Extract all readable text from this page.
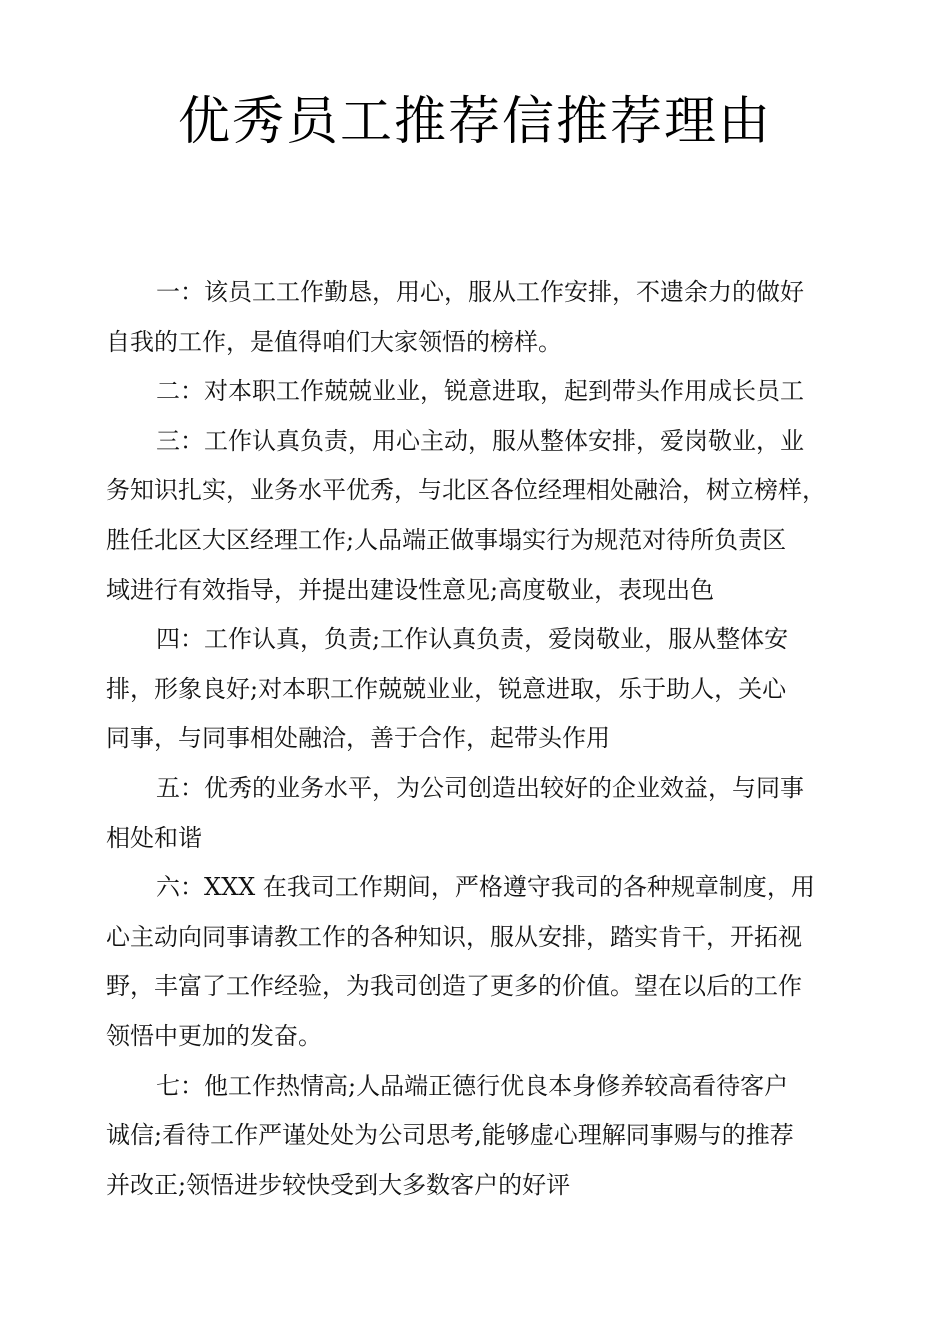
优秀员工推荐信推荐理由
一：该员工工作勤恳，用心，服从工作安排，不遗余力的做好
自我的工作，是值得咱们大家领悟的榜样。
二：对本职工作兢兢业业，锐意进取，起到带头作用成长员工
三：工作认真负责，用心主动，服从整体安排，爱岗敬业，业
务知识扎实，业务水平优秀，与北区各位经理相处融洽，树立榜样，
胜任北区大区经理工作;人品端正做事塌实行为规范对待所负责区
域进行有效指导，并提出建设性意见;高度敬业，表现出色
四：工作认真，负责;工作认真负责，爱岗敬业，服从整体安
排，形象良好;对本职工作兢兢业业，锐意进取，乐于助人，关心
同事，与同事相处融洽，善于合作，起带头作用
五：优秀的业务水平，为公司创造出较好的企业效益，与同事
相处和谐
六：XXX 在我司工作期间，严格遵守我司的各种规章制度，用
心主动向同事请教工作的各种知识，服从安排，踏实肯干，开拓视
野，丰富了工作经验，为我司创造了更多的价值。望在以后的工作
领悟中更加的发奋。
七：他工作热情高;人品端正德行优良本身修养较高看待客户
诚信;看待工作严谨处处为公司思考,能够虚心理解同事赐与的推荐
并改正;领悟进步较快受到大多数客户的好评
